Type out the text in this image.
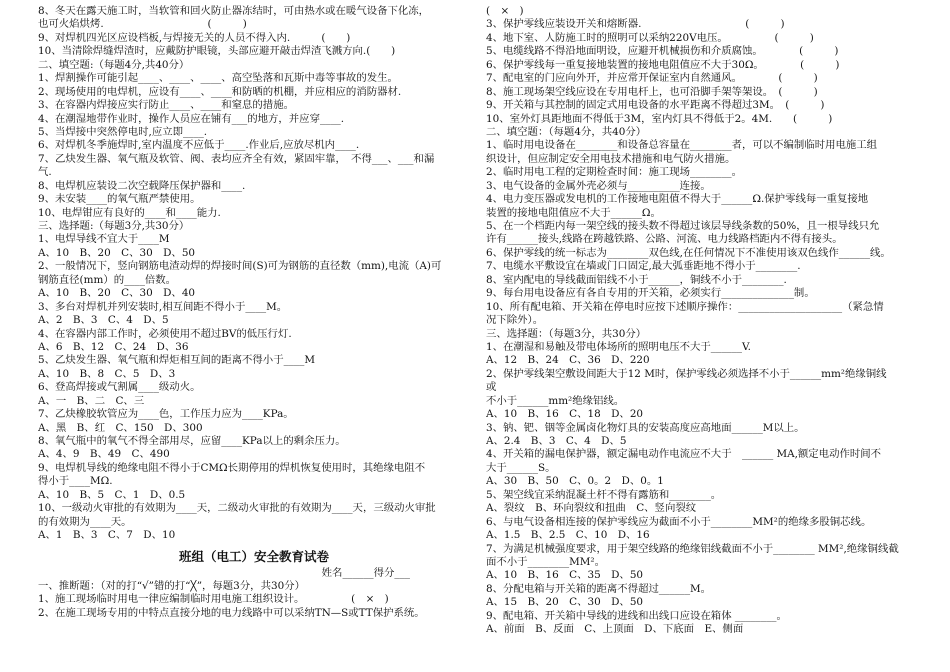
8、冬天在露天施工时，当软管和回火防止器冻结时，可由热水或在暖气设备下化冻，
也可火焰烘烤.　　　　　　　　　　(　　　)
9、对焊机四光区应设档板,与焊接无关的人员不得入内.　　　(　　)
10、当清除焊缝焊渣时，应戴防护眼镜，头部应避开敲击焊渣飞溅方向.(　　)
二、填空题:（每题4分,共40分）
1、焊割操作可能引起____、____、____、高空坠落和瓦斯中毒等事故的发生。
2、现场使用的电焊机，应设有____、____和防晒的机棚，并应相应的消防器材.
3、在容器内焊接应实行防止____、____和窒息的措施。
4、在潮湿地带作业时，操作人员应在铺有___的地方，并应穿____.
5、当焊接中突然停电时,应立即____.
6、对焊机冬季施焊时,室内温度不应低于____.作业后,应放尽机内____.
7、乙炔发生器、氧气瓶及软管、阀、表均应齐全有效，紧固牢靠，　不得___、___和漏
气.
8、电焊机应装设二次空载降压保护器和____.
9、未安装____的氧气瓶严禁使用。
10、电焊钳应有良好的____和____能力.
三、选择题:（每题3分,共30分）
1、电焊导线不宜大于____M
A、10　B、20　C、30　D、50
2、一般情况下，竖向钢筋电渣动焊的焊接时间(S)可为钢筋的直径数（mm),电流（A)可
钢筋直径(mm）的____倍数。
A、10　B、20　C、30　D、40
3、多台对焊机并列安装时,相互间距不得小于____M。
A、2　B、3　C、4　D、5
4、在容器内部工作时，必须使用不超过BV的低压行灯.
A、6　B、12　C、24　D、36
5、乙炔发生器、氧气瓶和焊炬相互间的距离不得小于____M
A、10　B、8　C、5　D、3
6、登高焊接或气割属____级动火。
A、一　B、二　C、三
7、乙炔橡胶软管应为____色，工作压力应为____KPa。
A、黑　B、红　C、150　D、300
8、氧气瓶中的氧气不得全部用尽，应留____KPa以上的剩余压力。
A、4、9　B、49　C、490
9、电焊机导线的绝缘电阻不得小于CMΩ长期停用的焊机恢复使用时，其绝缘电阻不
得小于____MΩ.
A、10　B、5　C、1　D、0.5
10、一级动火审批的有效期为____天，二级动火审批的有效期为____天，三级动火审批
的有效期为____天。
A、1　B、3　C、7　D、10
班组（电工）安全教育试卷
姓名______得分___
一、推断题：（对的打“√”错的打“╳”，每题3分，共30分）
1、施工现场临时用电一律应编制临时用电施工组织设计。　　　　　(　×　)
2、在施工现场专用的中特点直接分地的电力线路中可以采纳TN—S或TT保护系统。
(　×　)
3、保护零线应装设开关和熔断器.　　　　　　　　　　(　　　)
4、地下室、人防施工时的照明可以采纳220V电压。　　　　　(　　　)
5、电缆线路不得沿地面明设，应避开机械损伤和介质腐蚀。　　　　(　　　)
6、保护零线每一重复接地装置的接地电阻值应不大于30Ω。　　　　(　　　)
7、配电室的门应向外开，并应常开保证室内自然通风。　　　　(　　　)
8、施工现场架空线应设在专用电杆上，也可沿脚手架等架设。　(　　　)
9、开关箱与其控制的固定式用电设备的水平距离不得超过3M。　(　　　)
10、室外灯具距地面不得低于3M，室内灯具不得低于2。4M.　　(　　　)
二、填空题：（每题4分，共40分）
1、临时用电设备在________和设备总容量在________者，可以不编制临时用电施工组
织设计，但应制定安全用电技术措施和电气防火措施。
2、临时用电工程的定期检查时间：施工现场________。
3、电气设备的金属外壳必须与__________连接。
4、电力变压器或发电机的工作接地电阻值不得大于______Ω.保护零线每一重复接地
装置的接地电阻值应不大于______Ω。
5、在一个档距内每一架空线的接头数不得超过该层导线条数的50%，且一根导线只允
许有______接头,线路在跨越铁路、公路、河流、电力线路档距内不得有接头。
6、保护零线的统一标志为________双色线,在任何情况下不准使用该双色线作______线。
7、电缆水平敷设宜在墙或门口固定,最大弧垂距地不得小于________.
8、室内配电的导线截面铝线不小于______，铜线不小于________.
9、每台用电设备应有各自专用的开关箱，必须实行______________制。
10、所有配电箱、开关箱在停电时应按下述顺序操作：____________________（紧急情
况下除外）。
三、选择题：（每题3分，共30分）
1、在潮湿和易触及带电体场所的照明电压不大于______V.
A、12　B、24　C、36　D、220
2、保护零线架空敷设间距大于12 M时，保护零线必须选择不小于______mm²绝缘铜线
或
不小于______mm²绝缘铝线。
A、10　B、16　C、18　D、20
3、钠、钯、铟等金属卤化物灯具的安装高度应高地面______M以上。
A、2.4　B、3　C、4　D、5
4、开关箱的漏电保护器，额定漏电动作电流应不大于　______ MA,额定电动作时间不
大于______S。
A、30　B、50　C、0。2　D、0。1
5、架空线宜采纳混凝土杆不得有露筋和________。
A、裂纹　B、环向裂纹和扭曲　C、竖向裂纹
6、与电气设备相连接的保护零线应为截面不小于________MM²的绝缘多股铜芯线。
A、1.5　B、2.5　C、10　D、16
7、为满足机械强度要求，用于架空线路的绝缘铝线截面不小于________ MM²,绝缘铜线截
面不小于________MM²。
A、10　B、16　C、35　D、50
8、分配电箱与开关箱的距离不得超过______M。
A、15　B、20　C、30　D、50
9、配电箱、开关箱中导线的进线和出线口应设在箱体 ________。
A、前面　B、反面　C、上顶面　D、下底面　E、侧面
